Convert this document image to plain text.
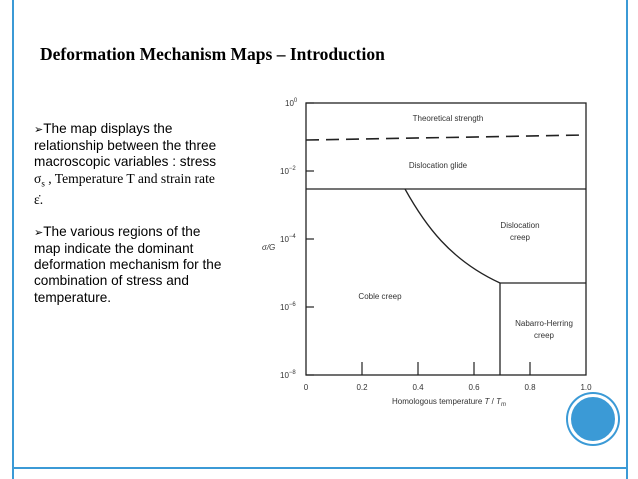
Deformation Mechanism Maps – Introduction

➢The map displays the

relationship between the three

macroscopic variables : stress

$\sigma_s$ , Temperature T and strain rate

ε̇.

➢The various regions of the

map indicate the dominant

deformation mechanism for the

combination of stress and

temperature.

$10^0$
$10^{-2}$
$10^{-4}$
$10^{-6}$
$10^{-8}$
σ/G
0	0.2	0.4	0.6	0.8	1.0
Homologous temperature T / $T_m$
Theoretical strength
Dislocation glide
Dislocation
creep
Coble creep
Nabarro-Herring
creep
